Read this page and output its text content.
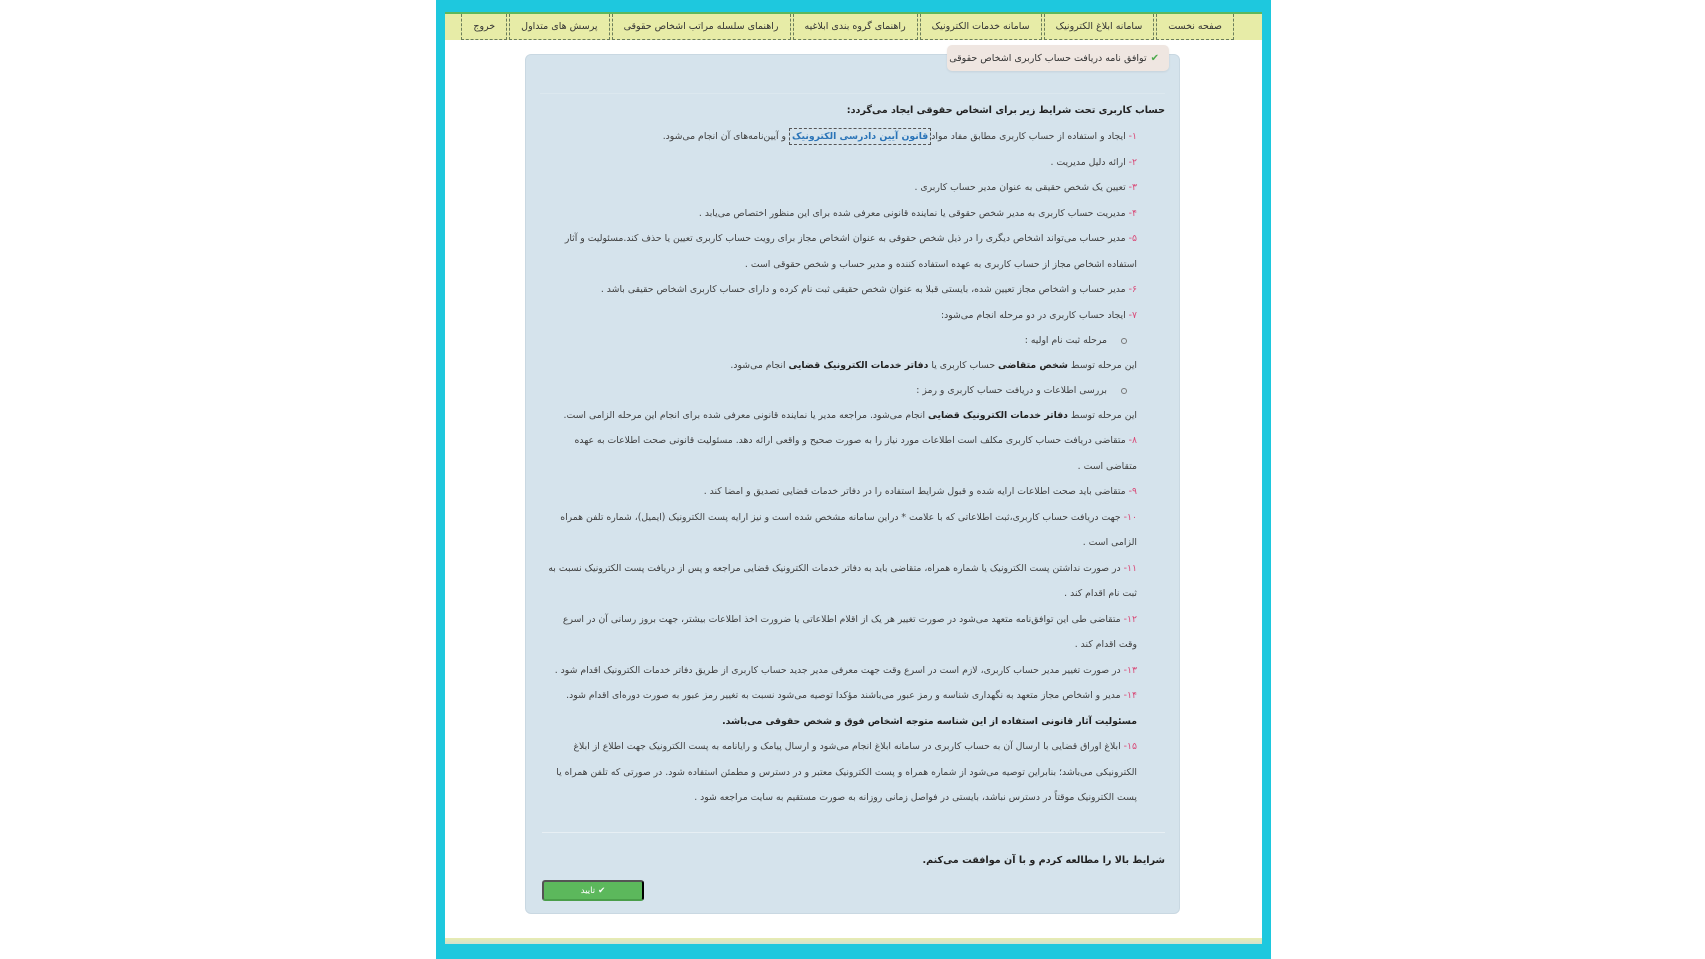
صفحه نخست
سامانه ابلاغ الکترونیک
سامانه خدمات الکترونیک
راهنمای گروه بندی ابلاغیه
راهنمای سلسله مراتب اشخاص حقوقی
پرسش های متداول
خروج
حساب کاربری تحت شرایط زیر برای اشخاص حقوقی ایجاد می‌گردد:
۱- ایجاد و استفاده از حساب کاربری مطابق مفاد موادقانون آیین دادرسی الکترونیک و آیین‌نامه‌های آن انجام می‌شود.
۲- ارائه دلیل مدیریت .
۳- تعیین یک شخص حقیقی به عنوان مدیر حساب کاربری .
۴- مدیریت حساب کاربری به مدیر شخص حقوقی یا نماینده قانونی معرفی شده برای این منظور اختصاص می‌یابد .
۵- مدیر حساب می‌تواند اشخاص دیگری را در ذیل شخص حقوقی به عنوان اشخاص مجاز برای رویت حساب کاربری تعیین یا حذف کند.مسئولیت و آثار استفاده اشخاص مجاز از حساب کاربری به عهده استفاده کننده و مدیر حساب و شخص حقوقی است .
۶- مدیر حساب و اشخاص مجاز تعیین شده، بایستی قبلا به عنوان شخص حقیقی ثبت نام کرده و دارای حساب کاربری اشخاص حقیقی باشد .
۷- ایجاد حساب کاربری در دو مرحله انجام می‌شود:
مرحله ثبت نام اولیه :
این مرحله توسط شخص متقاضی حساب کاربری یا دفاتر خدمات الکترونیک قضایی انجام می‌شود.
بررسی اطلاعات و دریافت حساب کاربری و رمز :
این مرحله توسط دفاتر خدمات الکترونیک قضایی انجام می‌شود. مراجعه مدیر یا نماینده قانونی معرفی شده برای انجام این مرحله الزامی است.
۸- متقاضی دریافت حساب کاربری مکلف است اطلاعات مورد نیاز را به صورت صحیح و واقعی ارائه دهد. مسئولیت قانونی صحت اطلاعات به عهده متقاضی است .
۹- متقاضی باید صحت اطلاعات ارایه شده و قبول شرایط استفاده را در دفاتر خدمات قضایی تصدیق و امضا کند .
۱۰- جهت دریافت حساب کاربری،ثبت اطلاعاتی که با علامت * دراین سامانه مشخص شده است و نیز ارایه پست الکترونیک (ایمیل)، شماره تلفن همراه الزامی است .
۱۱- در صورت نداشتن پست الکترونیک یا شماره همراه، متقاضی باید به دفاتر خدمات الکترونیک قضایی مراجعه و پس از دریافت پست الکترونیک نسبت به ثبت نام اقدام کند .
۱۲- متقاضی طی این توافق‌نامه متعهد می‌شود در صورت تغییر هر یک از اقلام اطلاعاتی یا ضرورت اخذ اطلاعات بیشتر، جهت بروز رسانی آن در اسرع وقت اقدام کند .
۱۳- در صورت تغییر مدیر حساب کاربری، لازم است در اسرع وقت جهت معرفی مدیر جدید حساب کاربری از طریق دفاتر خدمات الکترونیک اقدام شود .
۱۴- مدیر و اشخاص مجاز متعهد به نگهداری شناسه و رمز عبور می‌باشند مؤکدا توصیه می‌شود نسبت به تغییر رمز عبور به صورت دوره‌ای اقدام شود. مسئولیت آثار قانونی استفاده از این شناسه متوجه اشخاص فوق و شخص حقوقی می‌باشد.
۱۵- ابلاغ اوراق قضایی با ارسال آن به حساب کاربری در سامانه ابلاغ انجام می‌شود و ارسال پیامک و رایانامه به پست الکترونیک جهت اطلاع از ابلاغ الکترونیکی می‌باشد؛ بنابراین توصیه می‌شود از شماره همراه و پست الکترونیک معتبر و در دسترس و مطمئن استفاده شود. در صورتی که تلفن همراه یا پست الکترونیک موقتاً در دسترس نباشد، بایستی در فواصل زمانی روزانه به صورت مستقیم به سایت مراجعه شود .
شرایط بالا را مطالعه کردم و با آن موافقت می‌کنم.
✔
تایید
✔
توافق نامه دریافت حساب کاربری اشخاص حقوقی
